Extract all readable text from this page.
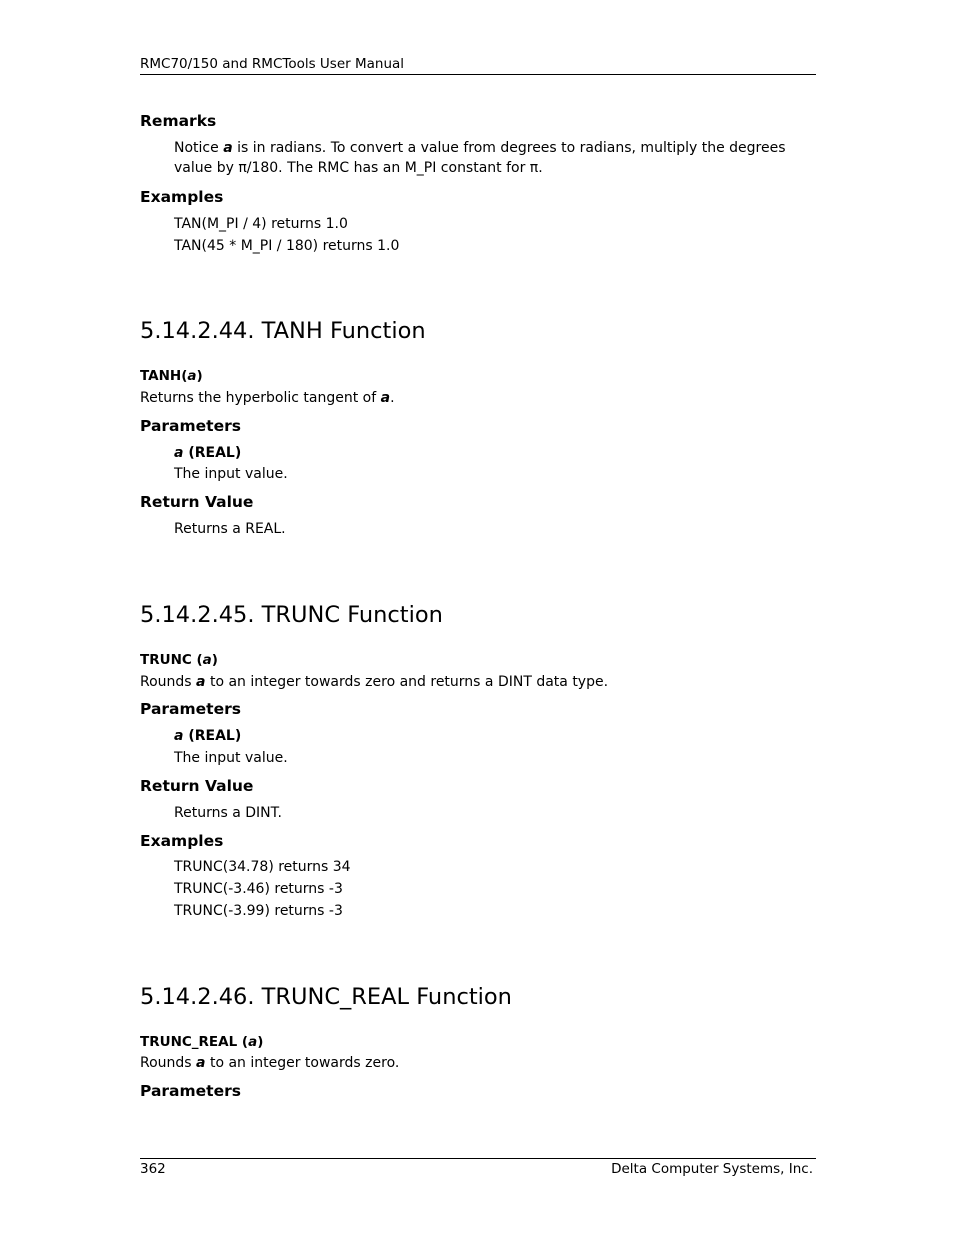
RMC70/150 and RMCTools User Manual
Remarks
Notice a is in radians. To convert a value from degrees to radians, multiply the degrees value by π/180. The RMC has an M_PI constant for π.
Examples
TAN(M_PI / 4) returns 1.0
TAN(45 * M_PI / 180) returns 1.0
5.14.2.44. TANH Function
TANH(a)
Returns the hyperbolic tangent of a.
Parameters
a (REAL)
The input value.
Return Value
Returns a REAL.
5.14.2.45. TRUNC Function
TRUNC (a)
Rounds a to an integer towards zero and returns a DINT data type.
Parameters
a (REAL)
The input value.
Return Value
Returns a DINT.
Examples
TRUNC(34.78) returns 34
TRUNC(-3.46) returns -3
TRUNC(-3.99) returns -3
5.14.2.46. TRUNC_REAL Function
TRUNC_REAL (a)
Rounds a to an integer towards zero.
Parameters
362	Delta Computer Systems, Inc.
